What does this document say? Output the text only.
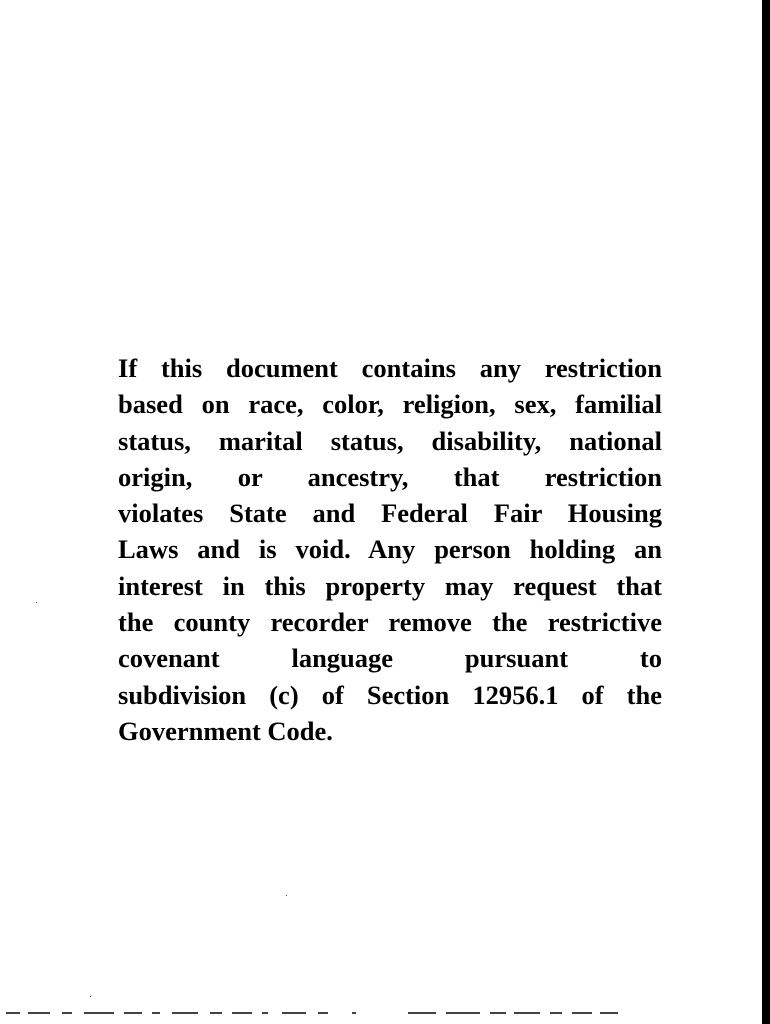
If this document contains any restriction
based on race, color, religion, sex, familial
status, marital status, disability, national
origin, or ancestry, that restriction
violates State and Federal Fair Housing
Laws and is void. Any person holding an
interest in this property may request that
the county recorder remove the restrictive
covenant language pursuant to
subdivision (c) of Section 12956.1 of the
Government Code.
